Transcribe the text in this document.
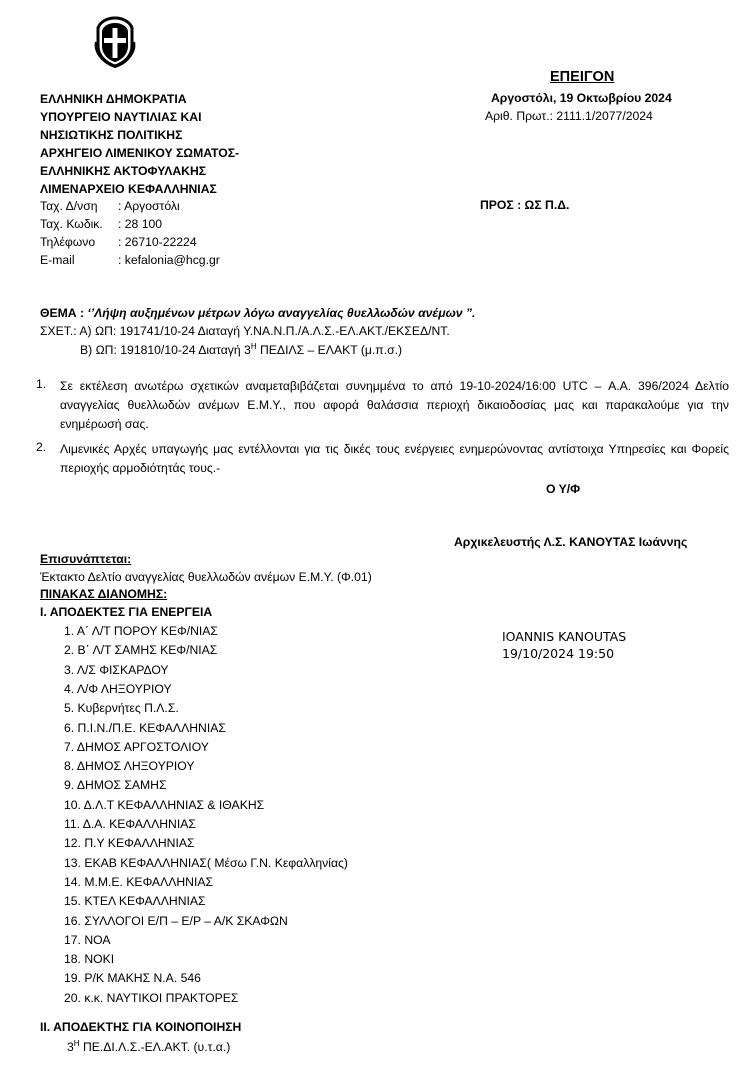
ΕΠΕΙΓΟΝ
Αργοστόλι, 19 Οκτωβρίου 2024
Αριθ. Πρωτ.: 2111.1/2077/2024
ΠΡΟΣ : ΩΣ Π.Δ.
ΕΛΛΗΝΙΚΗ ΔΗΜΟΚΡΑΤΙΑ
ΥΠΟΥΡΓΕΙΟ ΝΑΥΤΙΛΙΑΣ ΚΑΙ
ΝΗΣΙΩΤΙΚΗΣ ΠΟΛΙΤΙΚΗΣ
ΑΡΧΗΓΕΙΟ ΛΙΜΕΝΙΚΟΥ ΣΩΜΑΤΟΣ-
ΕΛΛΗΝΙΚΗΣ ΑΚΤΟΦΥΛΑΚΗΣ
ΛΙΜΕΝΑΡΧΕΙΟ ΚΕΦΑΛΛΗΝΙΑΣ
Ταχ. Δ/νση : Αργοστόλι
Ταχ. Κωδικ. : 28 100
Τηλέφωνο : 26710-22224
E-mail	: kefalonia@hcg.gr
ΘΕΜΑ : ‘’Λήψη αυξημένων μέτρων λόγω αναγγελίας θυελλωδών ανέμων ”.
ΣΧΕΤ.: Α) ΩΠ: 191741/10-24 Διαταγή Υ.ΝΑ.Ν.Π./Α.Λ.Σ.-ΕΛ.ΑΚΤ./ΕΚΣΕΔ/ΝΤ.
Β) ΩΠ: 191810/10-24 Διαταγή $3^H$ ΠΕΔΙΛΣ – ΕΛΑΚΤ (μ.π.σ.)
1. Σε εκτέλεση ανωτέρω σχετικών αναμεταβιβάζεται συνημμένα το από 19-10-2024/16:00 UTC – Α.Α. 396/2024 Δελτίο αναγγελίας θυελλωδών ανέμων Ε.Μ.Υ., που αφορά θαλάσσια περιοχή δικαιοδοσίας μας και παρακαλούμε για την ενημέρωσή σας.
2. Λιμενικές Αρχές υπαγωγής μας εντέλλονται για τις δικές τους ενέργειες ενημερώνοντας αντίστοιχα Υπηρεσίες και Φορείς περιοχής αρμοδιότητάς τους.-
Ο Υ/Φ
Αρχικελευστής Λ.Σ. ΚΑΝΟΥΤΑΣ Ιωάννης
Επισυνάπτεται:
Έκτακτο Δελτίο αναγγελίας θυελλωδών ανέμων Ε.Μ.Υ. (Φ.01)
ΠΙΝΑΚΑΣ ΔΙΑΝΟΜΗΣ:
Ι. ΑΠΟΔΕΚΤΕΣ ΓΙΑ ΕΝΕΡΓΕΙΑ
1. Α΄ Λ/Τ ΠΟΡΟΥ ΚΕΦ/ΝΙΑΣ
2. Β΄ Λ/Τ ΣΑΜΗΣ ΚΕΦ/ΝΙΑΣ
3. Λ/Σ ΦΙΣΚΑΡΔΟΥ
4. Λ/Φ ΛΗΞΟΥΡΙΟΥ
5. Κυβερνήτες Π.Λ.Σ.
6. Π.Ι.Ν./Π.Ε. ΚΕΦΑΛΛΗΝΙΑΣ
7. ΔΗΜΟΣ ΑΡΓΟΣΤΟΛΙΟΥ
8. ΔΗΜΟΣ ΛΗΞΟΥΡΙΟΥ
9. ΔΗΜΟΣ ΣΑΜΗΣ
10. Δ.Λ.Τ ΚΕΦΑΛΛΗΝΙΑΣ & ΙΘΑΚΗΣ
11. Δ.Α. ΚΕΦΑΛΛΗΝΙΑΣ
12. Π.Υ ΚΕΦΑΛΛΗΝΙΑΣ
13. ΕΚΑΒ ΚΕΦΑΛΛΗΝΙΑΣ( Μέσω Γ.Ν. Κεφαλληνίας)
14. Μ.Μ.Ε. ΚΕΦΑΛΛΗΝΙΑΣ
15. ΚΤΕΛ ΚΕΦΑΛΛΗΝΙΑΣ
16. ΣΥΛΛΟΓΟΙ Ε/Π – Ε/Ρ – Α/Κ ΣΚΑΦΩΝ
17. ΝΟΑ
18. ΝΟΚΙ
19. Ρ/Κ ΜΑΚΗΣ Ν.Α. 546
20. κ.κ. ΝΑΥΤΙΚΟΙ ΠΡΑΚΤΟΡΕΣ
ΙΙ. ΑΠΟΔΕΚΤΗΣ ΓΙΑ ΚΟΙΝΟΠΟΙΗΣΗ
$3^H$ ΠΕ.ΔΙ.Λ.Σ.-ΕΛ.ΑΚΤ. (υ.τ.α.)
IOANNIS KANOUTAS
19/10/2024 19:50
